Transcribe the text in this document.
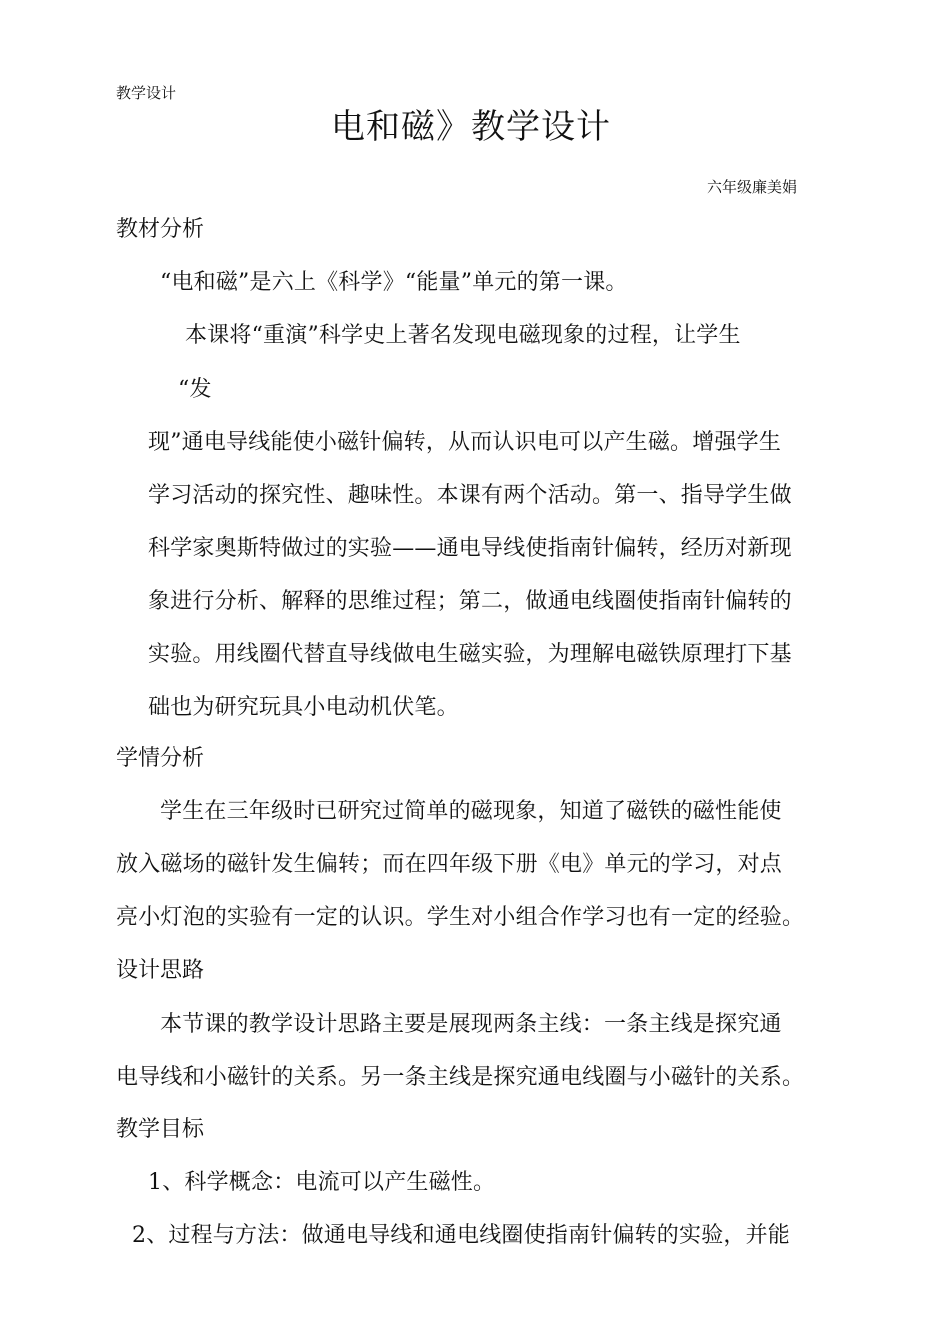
教学设计

电和磁》教学设计

六年级廉美娟

教材分析

“电和磁”是六上《科学》“能量”单元的第一课。

本课将“重演”科学史上著名发现电磁现象的过程，让学生

“发

现”通电导线能使小磁针偏转，从而认识电可以产生磁。增强学生

学习活动的探究性、趣味性。本课有两个活动。第一、指导学生做

科学家奥斯特做过的实验——通电导线使指南针偏转，经历对新现

象进行分析、解释的思维过程；第二，做通电线圈使指南针偏转的

实验。用线圈代替直导线做电生磁实验，为理解电磁铁原理打下基

础也为研究玩具小电动机伏笔。

学情分析

学生在三年级时已研究过简单的磁现象，知道了磁铁的磁性能使

放入磁场的磁针发生偏转；而在四年级下册《电》单元的学习，对点

亮小灯泡的实验有一定的认识。学生对小组合作学习也有一定的经验。

设计思路

本节课的教学设计思路主要是展现两条主线：一条主线是探究通

电导线和小磁针的关系。另一条主线是探究通电线圈与小磁针的关系。

教学目标

1、科学概念：电流可以产生磁性。

2、过程与方法：做通电导线和通电线圈使指南针偏转的实验，并能
